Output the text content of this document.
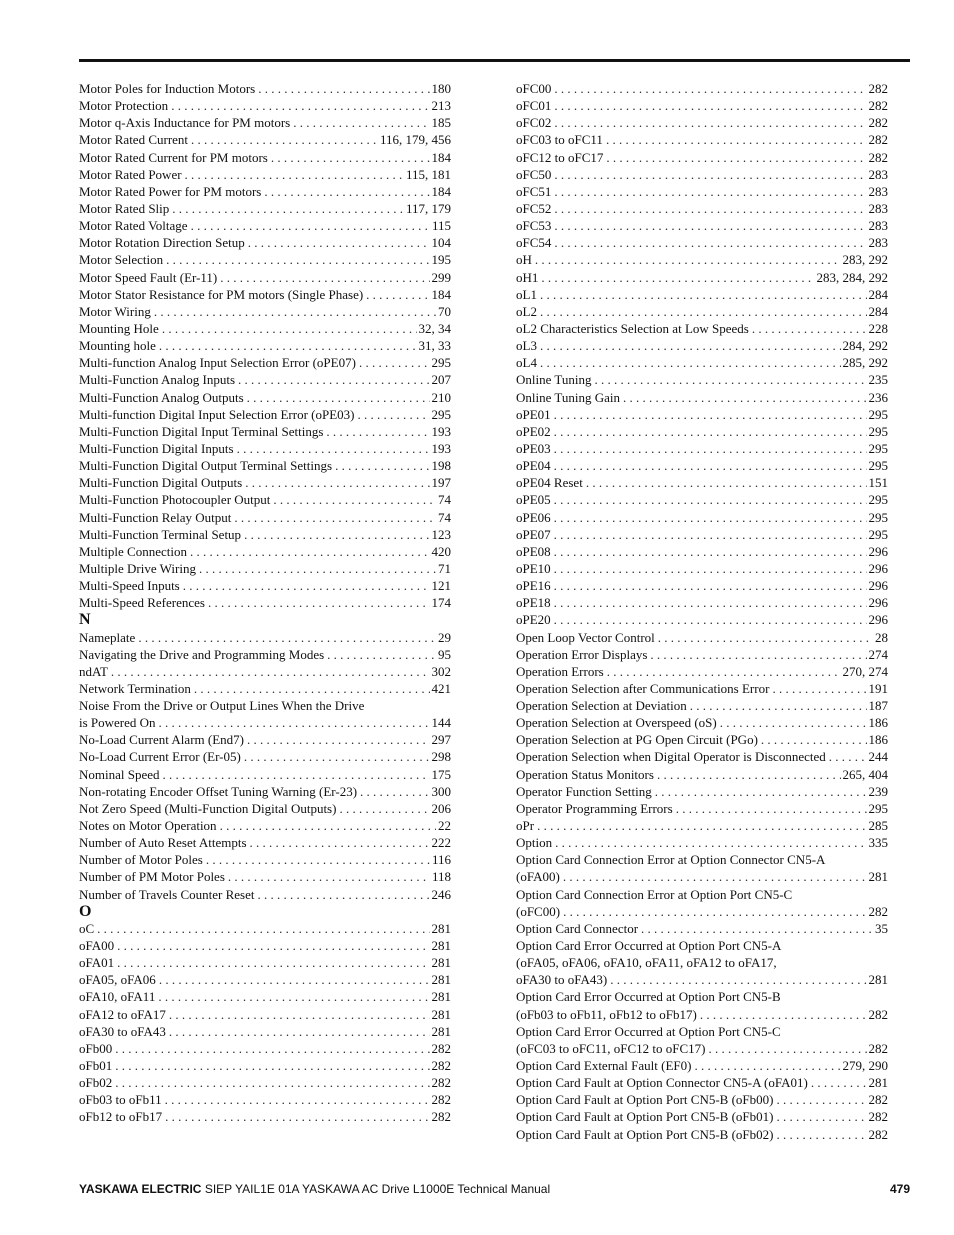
Motor Poles for Induction Motors . . .	180
Motor Protection . . .	213
Motor q-Axis Inductance for PM motors . . .	185
Motor Rated Current . . .	116, 179, 456
Motor Rated Current for PM motors . . .	184
Motor Rated Power . . .	115, 181
Motor Rated Power for PM motors . . .	184
Motor Rated Slip . . .	117, 179
Motor Rated Voltage . . .	115
Motor Rotation Direction Setup . . .	104
Motor Selection . . .	195
Motor Speed Fault (Er-11) . . .	299
Motor Stator Resistance for PM motors (Single Phase) . . .	184
Motor Wiring . . .	70
Mounting Hole . . .	32, 34
Mounting hole . . .	31, 33
Multi-function Analog Input Selection Error (oPE07) . . .	295
Multi-Function Analog Inputs . . .	207
Multi-Function Analog Outputs . . .	210
Multi-function Digital Input Selection Error (oPE03) . . .	295
Multi-Function Digital Input Terminal Settings . . .	193
Multi-Function Digital Inputs . . .	193
Multi-Function Digital Output Terminal Settings . . .	198
Multi-Function Digital Outputs . . .	197
Multi-Function Photocoupler Output . . .	74
Multi-Function Relay Output . . .	74
Multi-Function Terminal Setup . . .	123
Multiple Connection . . .	420
Multiple Drive Wiring . . .	71
Multi-Speed Inputs . . .	121
Multi-Speed References . . .	174
N
Nameplate . . .	29
Navigating the Drive and Programming Modes . . .	95
ndAT . . .	302
Network Termination . . .	421
Noise From the Drive or Output Lines When the Drive
is Powered On . . .	144
No-Load Current Alarm (End7) . . .	297
No-Load Current Error (Er-05) . . .	298
Nominal Speed . . .	175
Non-rotating Encoder Offset Tuning Warning (Er-23) . . .	300
Not Zero Speed (Multi-Function Digital Outputs) . . .	206
Notes on Motor Operation . . .	22
Number of Auto Reset Attempts . . .	222
Number of Motor Poles . . .	116
Number of PM Motor Poles . . .	118
Number of Travels Counter Reset . . .	246
O
oC . . .	281
oFA00 . . .	281
oFA01 . . .	281
oFA05, oFA06 . . .	281
oFA10, oFA11 . . .	281
oFA12 to oFA17 . . .	281
oFA30 to oFA43 . . .	281
oFb00 . . .	282
oFb01 . . .	282
oFb02 . . .	282
oFb03 to oFb11 . . .	282
oFb12 to oFb17 . . .	282
oFC00 . . .	282
oFC01 . . .	282
oFC02 . . .	282
oFC03 to oFC11 . . .	282
oFC12 to oFC17 . . .	282
oFC50 . . .	283
oFC51 . . .	283
oFC52 . . .	283
oFC53 . . .	283
oFC54 . . .	283
oH . . .	283, 292
oH1 . . .	283, 284, 292
oL1 . . .	284
oL2 . . .	284
oL2 Characteristics Selection at Low Speeds . . .	228
oL3 . . .	284, 292
oL4 . . .	285, 292
Online Tuning . . .	235
Online Tuning Gain . . .	236
oPE01 . . .	295
oPE02 . . .	295
oPE03 . . .	295
oPE04 . . .	295
oPE04 Reset . . .	151
oPE05 . . .	295
oPE06 . . .	295
oPE07 . . .	295
oPE08 . . .	296
oPE10 . . .	296
oPE16 . . .	296
oPE18 . . .	296
oPE20 . . .	296
Open Loop Vector Control . . .	28
Operation Error Displays . . .	274
Operation Errors . . .	270, 274
Operation Selection after Communications Error . . .	191
Operation Selection at Deviation . . .	187
Operation Selection at Overspeed (oS) . . .	186
Operation Selection at PG Open Circuit (PGo) . . .	186
Operation Selection when Digital Operator is Disconnected . . .	244
Operation Status Monitors . . .	265, 404
Operator Function Setting . . .	239
Operator Programming Errors . . .	295
oPr . . .	285
Option . . .	335
Option Card Connection Error at Option Connector CN5-A
(oFA00) . . .	281
Option Card Connection Error at Option Port CN5-C
(oFC00) . . .	282
Option Card Connector . . .	35
Option Card Error Occurred at Option Port CN5-A
(oFA05, oFA06, oFA10, oFA11, oFA12 to oFA17,
oFA30 to oFA43) . . .	281
Option Card Error Occurred at Option Port CN5-B
(oFb03 to oFb11, oFb12 to oFb17) . . .	282
Option Card Error Occurred at Option Port CN5-C
(oFC03 to oFC11, oFC12 to oFC17) . . .	282
Option Card External Fault (EF0) . . .	279, 290
Option Card Fault at Option Connector CN5-A (oFA01) . . .	281
Option Card Fault at Option Port CN5-B (oFb00) . . .	282
Option Card Fault at Option Port CN5-B (oFb01) . . .	282
Option Card Fault at Option Port CN5-B (oFb02) . . .	282
YASKAWA ELECTRIC SIEP YAIL1E 01A YASKAWA AC Drive L1000E Technical Manual	479
